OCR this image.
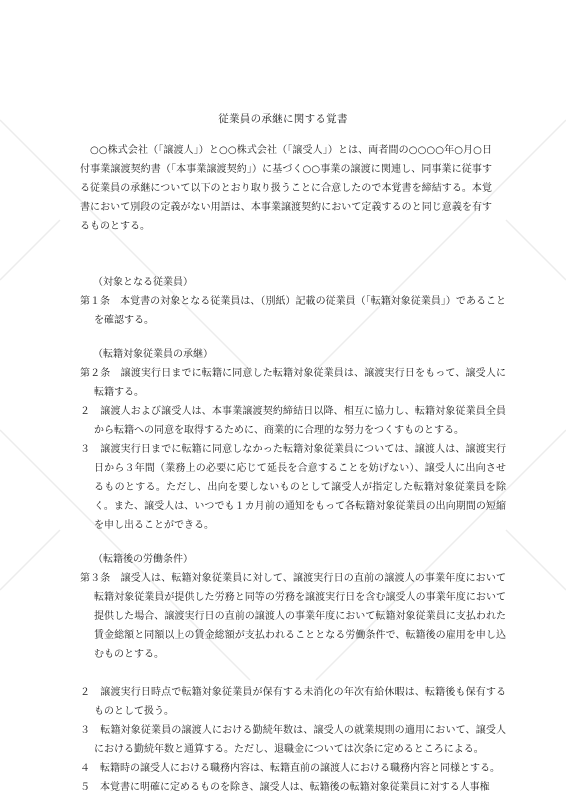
従業員の承継に関する覚書
○○株式会社（「譲渡人」）と○○株式会社（「譲受人」）とは、両者間の○○○○年○月○日付事業譲渡契約書（「本事業譲渡契約」）に基づく○○事業の譲渡に関連し、同事業に従事する従業員の承継について以下のとおり取り扱うことに合意したので本覚書を締結する。本覚書において別段の定義がない用語は、本事業譲渡契約において定義するのと同じ意義を有するものとする。
（対象となる従業員）
第１条　本覚書の対象となる従業員は、（別紙）記載の従業員（「転籍対象従業員」）であることを確認する。
（転籍対象従業員の承継）
第２条　譲渡実行日までに転籍に同意した転籍対象従業員は、譲渡実行日をもって、譲受人に転籍する。
２　譲渡人および譲受人は、本事業譲渡契約締結日以降、相互に協力し、転籍対象従業員全員から転籍への同意を取得するために、商業的に合理的な努力をつくすものとする。
３　譲渡実行日までに転籍に同意しなかった転籍対象従業員については、譲渡人は、譲渡実行日から３年間（業務上の必要に応じて延長を合意することを妨げない）、譲受人に出向させるものとする。ただし、出向を要しないものとして譲受人が指定した転籍対象従業員を除く。また、譲受人は、いつでも１カ月前の通知をもって各転籍対象従業員の出向期間の短縮を申し出ることができる。
（転籍後の労働条件）
第３条　譲受人は、転籍対象従業員に対して、譲渡実行日の直前の譲渡人の事業年度において転籍対象従業員が提供した労務と同等の労務を譲渡実行日を含む譲受人の事業年度において提供した場合、譲渡実行日の直前の譲渡人の事業年度において転籍対象従業員に支払われた賃金総額と同額以上の賃金総額が支払われることとなる労働条件で、転籍後の雇用を申し込むものとする。
２　譲渡実行日時点で転籍対象従業員が保有する未消化の年次有給休暇は、転籍後も保有するものとして扱う。
３　転籍対象従業員の譲渡人における勤続年数は、譲受人の就業規則の適用において、譲受人における勤続年数と通算する。ただし、退職金については次条に定めるところによる。
４　転籍時の譲受人における職務内容は、転籍直前の譲渡人における職務内容と同様とする。
５　本覚書に明確に定めるものを除き、譲受人は、転籍後の転籍対象従業員に対する人事権
